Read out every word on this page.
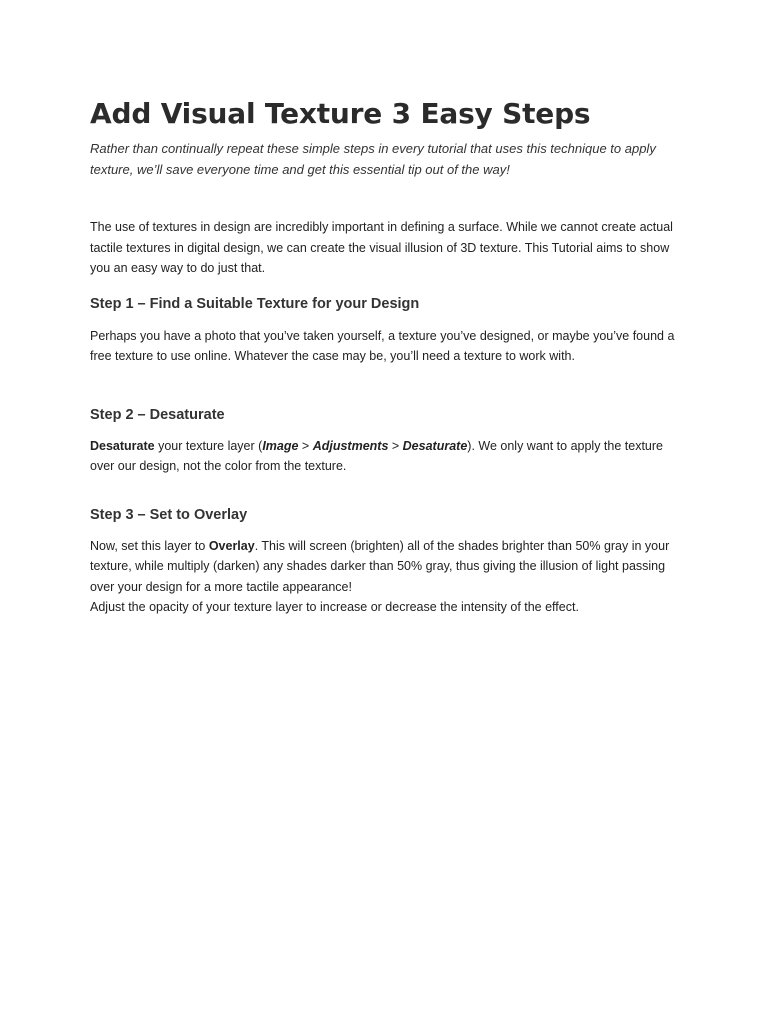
Add Visual Texture 3 Easy Steps

Rather than continually repeat these simple steps in every tutorial that uses this technique to apply texture, we’ll save everyone time and get this essential tip out of the way!

The use of textures in design are incredibly important in defining a surface. While we cannot create actual tactile textures in digital design, we can create the visual illusion of 3D texture. This Tutorial aims to show you an easy way to do just that.

Step 1 – Find a Suitable Texture for your Design

Perhaps you have a photo that you’ve taken yourself, a texture you’ve designed, or maybe you’ve found a free texture to use online. Whatever the case may be, you’ll need a texture to work with.

Step 2 – Desaturate

Desaturate your texture layer (Image > Adjustments > Desaturate). We only want to apply the texture over our design, not the color from the texture.

Step 3 – Set to Overlay

Now, set this layer to Overlay. This will screen (brighten) all of the shades brighter than 50% gray in your texture, while multiply (darken) any shades darker than 50% gray, thus giving the illusion of light passing over your design for a more tactile appearance!

Adjust the opacity of your texture layer to increase or decrease the intensity of the effect.
